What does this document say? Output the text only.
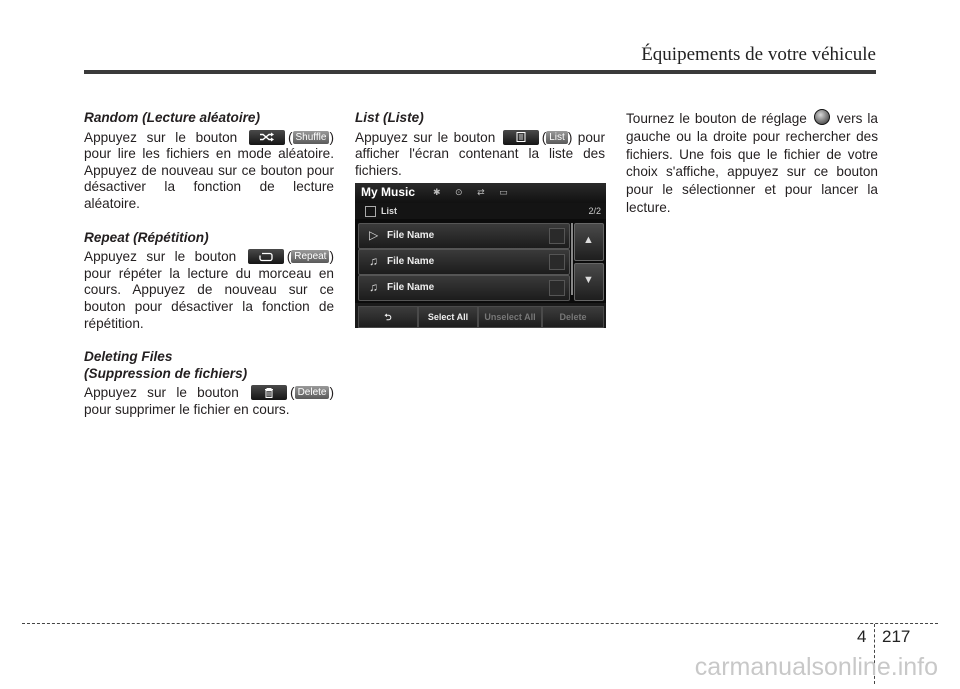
Équipements de votre véhicule
Random (Lecture aléatoire)

Appuyez sur le bouton	( Shuffle ) pour lire les fichiers en mode aléatoire. Appuyez de nouveau sur ce bouton pour désactiver la fonction de lecture aléatoire.

Repeat (Répétition)

Appuyez sur le bouton	( Repeat ) pour répéter la lecture du morceau en cours. Appuyez de nouveau sur ce bouton pour désactiver la fonction de répétition.

Deleting Files
(Suppression de fichiers)

Appuyez sur le bouton	( Delete ) pour supprimer le fichier en cours.

List (Liste)

Appuyez sur le bouton	( List ) pour afficher l'écran contenant la liste des fichiers.

My Music ✱ ⊙ ⇄ ▭
List	2/2
▷ File Name
♫ File Name
♫ File Name
▲
▼
⮌	Select All	Unselect All	Delete

Tournez le bouton de réglage vers la gauche ou la droite pour rechercher des fichiers. Une fois que le fichier de votre choix s'affiche, appuyez sur ce bouton pour le sélectionner et pour lancer la lecture.

4 217
carmanualsonline.info
